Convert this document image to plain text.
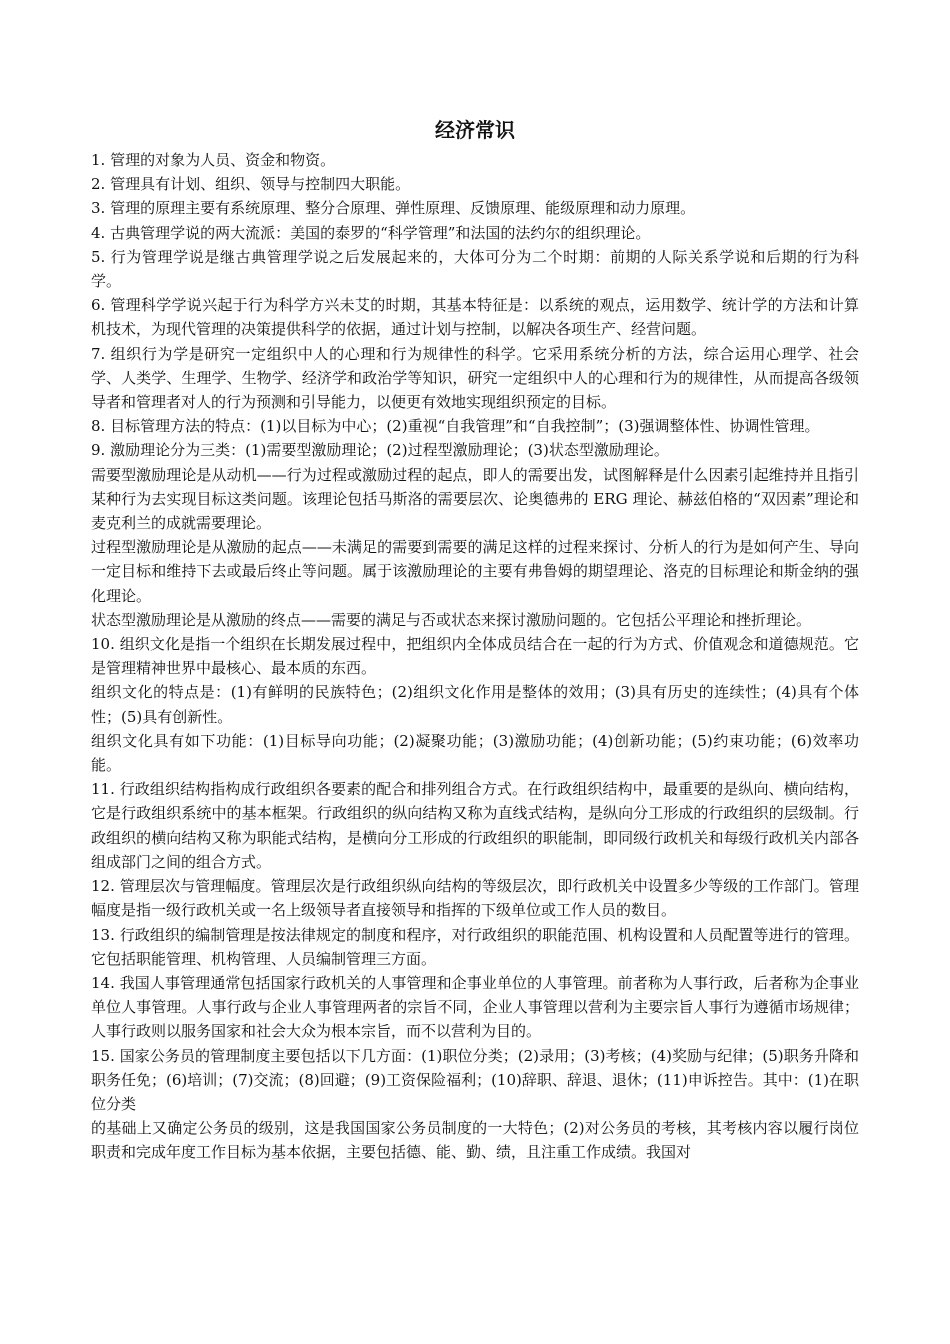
经济常识

1. 管理的对象为人员、资金和物资。

2. 管理具有计划、组织、领导与控制四大职能。

3. 管理的原理主要有系统原理、整分合原理、弹性原理、反馈原理、能级原理和动力原理。

4. 古典管理学说的两大流派：美国的泰罗的“科学管理”和法国的法约尔的组织理论。

5. 行为管理学说是继古典管理学说之后发展起来的，大体可分为二个时期：前期的人际关系学说和后期的行为科学。

6. 管理科学学说兴起于行为科学方兴未艾的时期，其基本特征是：以系统的观点，运用数学、统计学的方法和计算机技术，为现代管理的决策提供科学的依据，通过计划与控制，以解决各项生产、经营问题。

7. 组织行为学是研究一定组织中人的心理和行为规律性的科学。它采用系统分析的方法，综合运用心理学、社会学、人类学、生理学、生物学、经济学和政治学等知识，研究一定组织中人的心理和行为的规律性，从而提高各级领导者和管理者对人的行为预测和引导能力，以便更有效地实现组织预定的目标。

8. 目标管理方法的特点：(1)以目标为中心；(2)重视“自我管理”和“自我控制”；(3)强调整体性、协调性管理。

9. 激励理论分为三类：(1)需要型激励理论；(2)过程型激励理论；(3)状态型激励理论。

需要型激励理论是从动机——行为过程或激励过程的起点，即人的需要出发，试图解释是什么因素引起维持并且指引某种行为去实现目标这类问题。该理论包括马斯洛的需要层次、论奥德弗的 ERG 理论、赫兹伯格的“双因素”理论和麦克利兰的成就需要理论。

过程型激励理论是从激励的起点——未满足的需要到需要的满足这样的过程来探讨、分析人的行为是如何产生、导向一定目标和维持下去或最后终止等问题。属于该激励理论的主要有弗鲁姆的期望理论、洛克的目标理论和斯金纳的强化理论。

状态型激励理论是从激励的终点——需要的满足与否或状态来探讨激励问题的。它包括公平理论和挫折理论。

10. 组织文化是指一个组织在长期发展过程中，把组织内全体成员结合在一起的行为方式、价值观念和道德规范。它是管理精神世界中最核心、最本质的东西。

组织文化的特点是：(1)有鲜明的民族特色；(2)组织文化作用是整体的效用；(3)具有历史的连续性；(4)具有个体性；(5)具有创新性。

组织文化具有如下功能：(1)目标导向功能；(2)凝聚功能；(3)激励功能；(4)创新功能；(5)约束功能；(6)效率功能。

11. 行政组织结构指构成行政组织各要素的配合和排列组合方式。在行政组织结构中，最重要的是纵向、横向结构，它是行政组织系统中的基本框架。行政组织的纵向结构又称为直线式结构，是纵向分工形成的行政组织的层级制。行政组织的横向结构又称为职能式结构，是横向分工形成的行政组织的职能制，即同级行政机关和每级行政机关内部各组成部门之间的组合方式。

12. 管理层次与管理幅度。管理层次是行政组织纵向结构的等级层次，即行政机关中设置多少等级的工作部门。管理幅度是指一级行政机关或一名上级领导者直接领导和指挥的下级单位或工作人员的数目。

13. 行政组织的编制管理是按法律规定的制度和程序，对行政组织的职能范围、机构设置和人员配置等进行的管理。它包括职能管理、机构管理、人员编制管理三方面。

14. 我国人事管理通常包括国家行政机关的人事管理和企事业单位的人事管理。前者称为人事行政，后者称为企事业单位人事管理。人事行政与企业人事管理两者的宗旨不同，企业人事管理以营利为主要宗旨人事行为遵循市场规律；人事行政则以服务国家和社会大众为根本宗旨，而不以营利为目的。

15. 国家公务员的管理制度主要包括以下几方面：(1)职位分类；(2)录用；(3)考核；(4)奖励与纪律；(5)职务升降和职务任免；(6)培训；(7)交流；(8)回避；(9)工资保险福利；(10)辞职、辞退、退休；(11)申诉控告。其中：(1)在职位分类

的基础上又确定公务员的级别，这是我国国家公务员制度的一大特色；(2)对公务员的考核，其考核内容以履行岗位职责和完成年度工作目标为基本依据，主要包括德、能、勤、绩，且注重工作成绩。我国对
